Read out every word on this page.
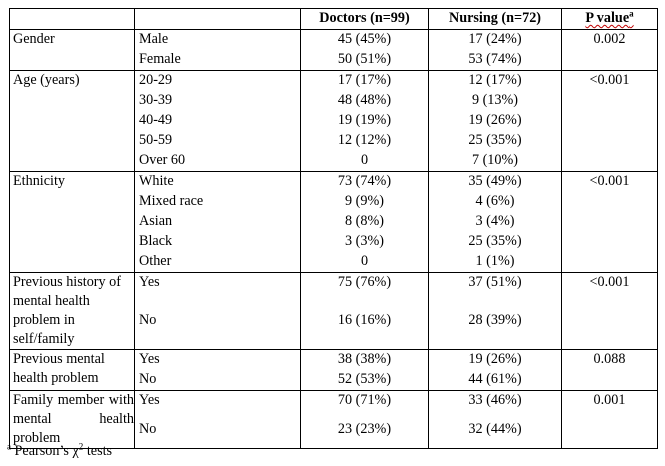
		Doctors (n=99)	Nursing (n=72)	P value$^a$
Gender	Male	45 (45%)	17 (24%)	0.002
	Female	50 (51%)	53 (74%)	
Age (years)	20-29	17 (17%)	12 (17%)	<0.001
	30-39	48 (48%)	9 (13%)	
	40-49	19 (19%)	19 (26%)	
	50-59	12 (12%)	25 (35%)	
	Over 60	0	7 (10%)	
Ethnicity	White	73 (74%)	35 (49%)	<0.001
	Mixed race	9 (9%)	4 (6%)	
	Asian	8 (8%)	3 (4%)	
	Black	3 (3%)	25 (35%)	
	Other	0	1 (1%)	
Previous history of mental health problem in self/family	Yes	75 (76%)	37 (51%)	<0.001
	No	16 (16%)	28 (39%)	
Previous mental health problem	Yes	38 (38%)	19 (26%)	0.088
	No	52 (53%)	44 (61%)	
Family member with mental health problem	Yes	70 (71%)	33 (46%)	0.001
	No	23 (23%)	32 (44%)	
$^a$ Pearson’s $\chi^2$ tests
